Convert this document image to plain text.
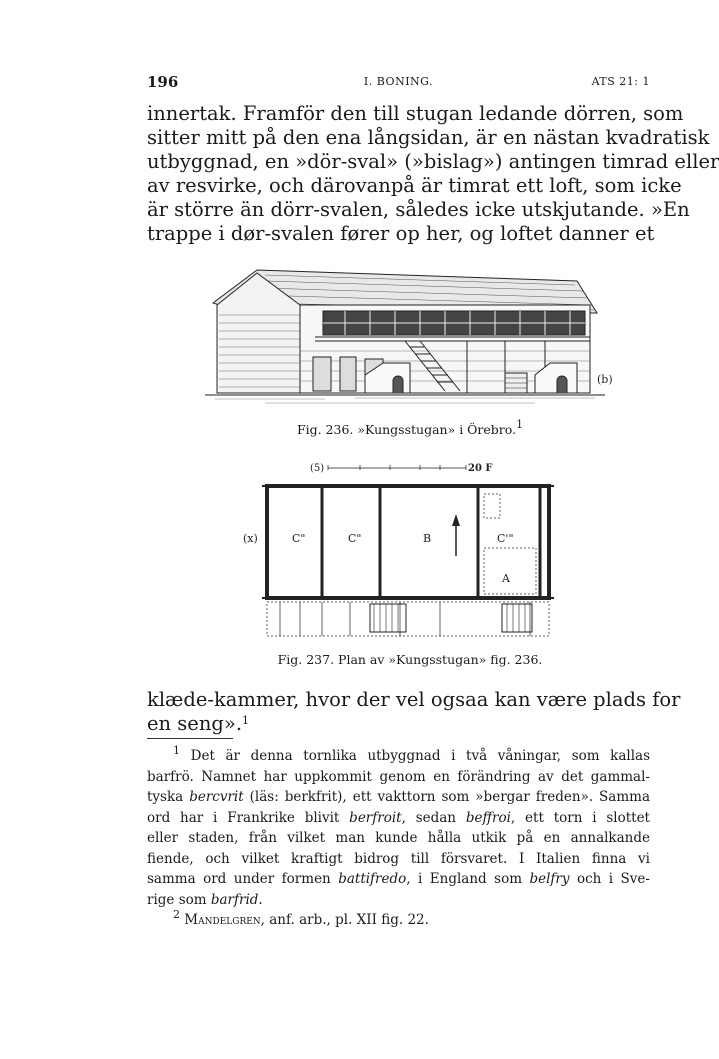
196	I. BONING.	ATS 21: 1
innertak. Framför den till stugan ledande dörren, som
sitter mitt på den ena långsidan, är en nästan kvadratisk
utbyggnad, en »dör-sval» (»bislag») antingen timrad eller
av resvirke, och därovanpå är timrat ett loft, som icke
är större än dörr-svalen, således icke utskjutande. »En
trappe i dør-svalen fører op her, og loftet danner et
(b)
Fig. 236. »Kungsstugan» i Örebro.$^1$
(5)	20 F
(x)	C"	C"	B	C'"
A
Fig. 237. Plan av »Kungsstugan» fig. 236.
klæde-kammer, hvor der vel ogsaa kan være plads for
en seng».$^1$
$^1$ Det är denna tornlika utbyggnad i två våningar, som kallas
barfrö. Namnet har uppkommit genom en förändring av det gammal-
tyska bercvrit (läs: berkfrit), ett vakttorn som »bergar freden». Samma
ord har i Frankrike blivit berfroit, sedan beffroi, ett torn i slottet
eller staden, från vilket man kunde hålla utkik på en annalkande
fiende, och vilket kraftigt bidrog till försvaret. I Italien finna vi
samma ord under formen battifredo, i England som belfry och i Sve-
rige som barfrid.
$^2$ Mandelgren, anf. arb., pl. XII fig. 22.
